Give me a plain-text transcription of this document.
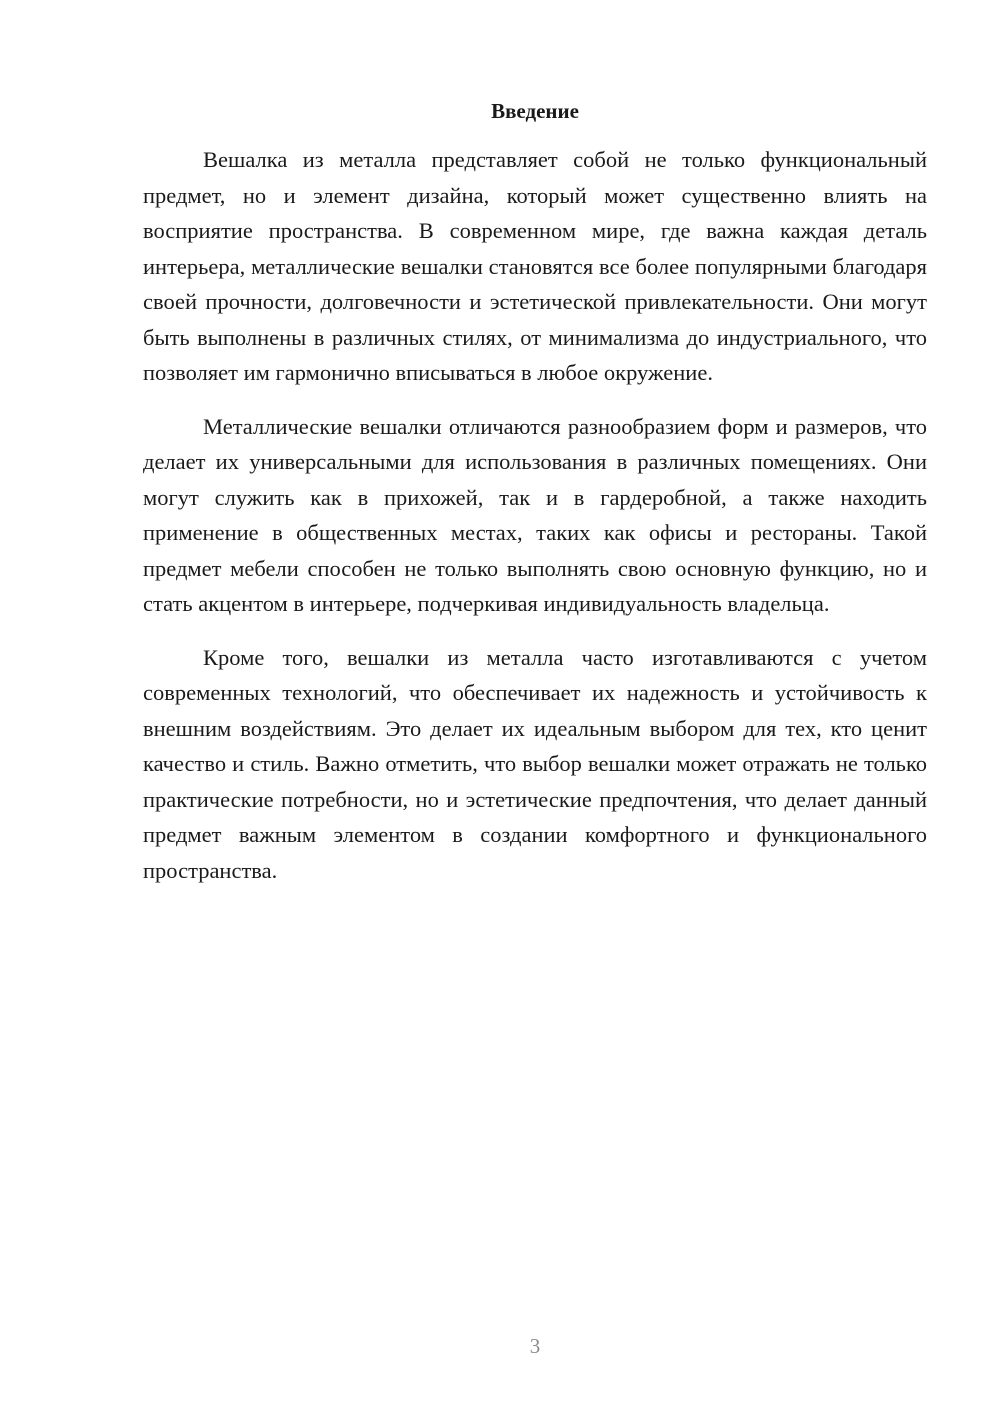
Введение

Вешалка из металла представляет собой не только функциональный предмет, но и элемент дизайна, который может существенно влиять на восприятие пространства. В современном мире, где важна каждая деталь интерьера, металлические вешалки становятся все более популярными благодаря своей прочности, долговечности и эстетической привлекательности. Они могут быть выполнены в различных стилях, от минимализма до индустриального, что позволяет им гармонично вписываться в любое окружение.

Металлические вешалки отличаются разнообразием форм и размеров, что делает их универсальными для использования в различных помещениях. Они могут служить как в прихожей, так и в гардеробной, а также находить применение в общественных местах, таких как офисы и рестораны. Такой предмет мебели способен не только выполнять свою основную функцию, но и стать акцентом в интерьере, подчеркивая индивидуальность владельца.

Кроме того, вешалки из металла часто изготавливаются с учетом современных технологий, что обеспечивает их надежность и устойчивость к внешним воздействиям. Это делает их идеальным выбором для тех, кто ценит качество и стиль. Важно отметить, что выбор вешалки может отражать не только практические потребности, но и эстетические предпочтения, что делает данный предмет важным элементом в создании комфортного и функционального пространства.

3
